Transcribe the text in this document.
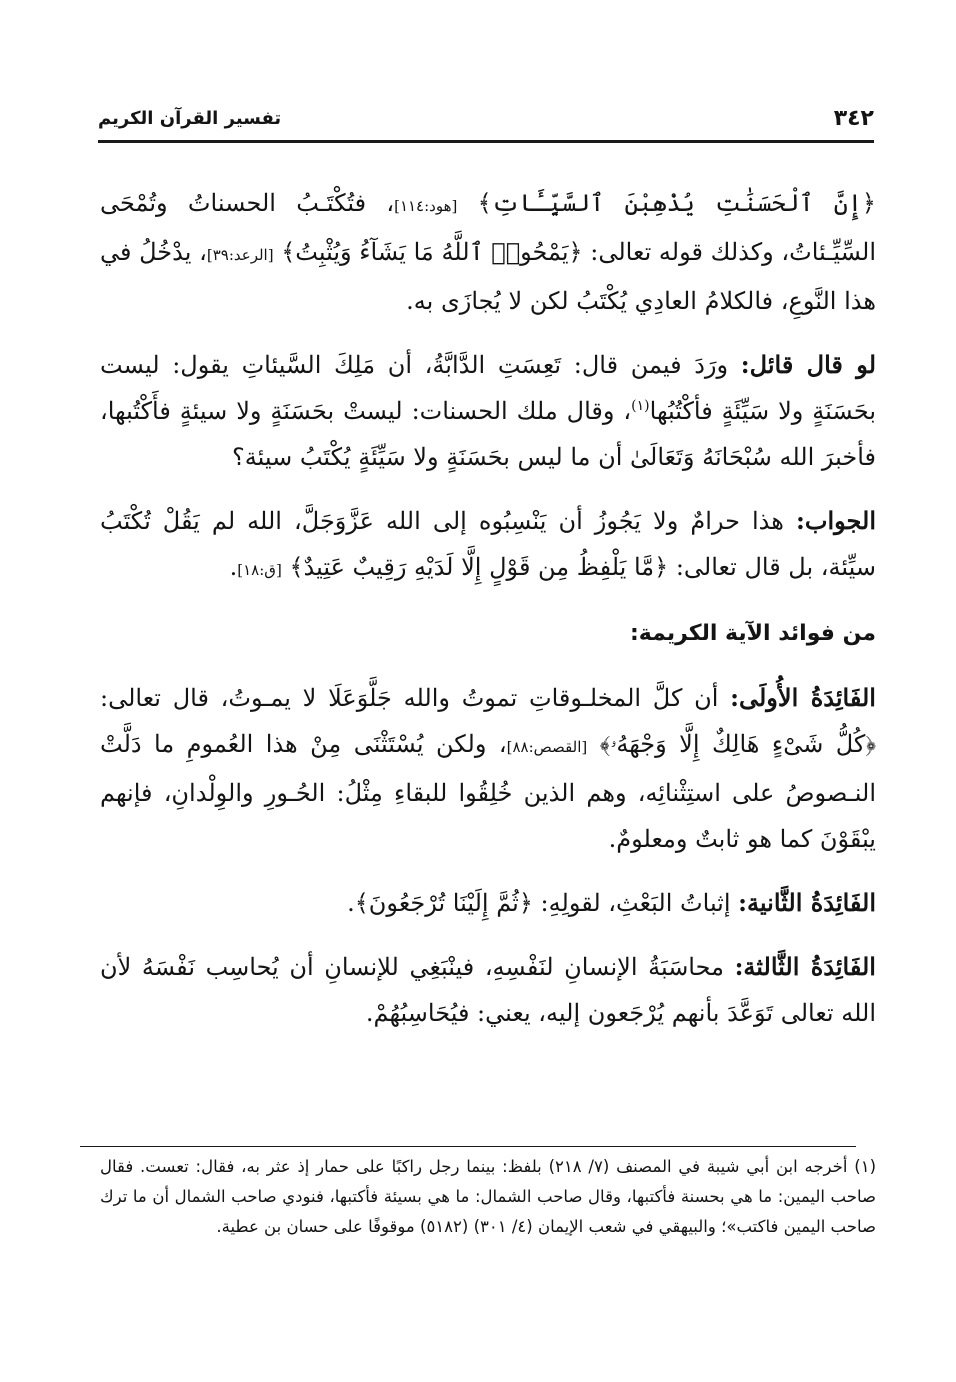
٣٤٢
تفسير القرآن الكريم

﴿إِنَّ ٱلْحَسَنَٰتِ يُذْهِبْنَ ٱلسَّيِّـَٔاتِ﴾ [هود:١١٤]، فتُكْتَـبُ الحسناتُ وتُمْحَى السِّيِّـئاتُ، وكذلك قوله تعالى: ﴿يَمْحُوا۟ ٱللَّهُ مَا يَشَآءُ وَيُثْبِتُ﴾ [الرعد:٣٩]، يدْخُلُ في هذا النَّوعِ، فالكلامُ العادِي يُكْتَبُ لكن لا يُجازَى به.

لو قال قائل: ورَدَ فيمن قال: تَعِسَتِ الدَّابَّةُ، أن مَلِكَ السَّيئاتِ يقول: ليست بحَسَنَةٍ ولا سَيِّئَةٍ فأكْتُبُها$^{(١)}$، وقال ملك الحسنات: ليستْ بحَسَنَةٍ ولا سيئةٍ فأَكْتُبها، فأخبرَ الله سُبْحَانَهُ وَتَعَالَىٰ أن ما ليس بحَسَنَةٍ ولا سَيِّئَةٍ يُكْتَبُ سيئة؟

الجواب: هذا حرامٌ ولا يَجُوزُ أن يَنْسِبُوه إلى الله عَزَّوَجَلَّ، الله لم يَقُلْ تُكْتَبُ سيِّئة، بل قال تعالى: ﴿مَّا يَلْفِظُ مِن قَوْلٍ إِلَّا لَدَيْهِ رَقِيبٌ عَتِيدٌ﴾ [ق:١٨].

من فوائد الآية الكريمة:

الفَائِدَةُ الأُولَى: أن كلَّ المخلـوقاتِ تموتُ والله جَلَّوَعَلَا لا يمـوتُ، قال تعالى: ﴿كُلُّ شَىْءٍ هَالِكٌ إِلَّا وَجْهَهُۥ﴾ [القصص:٨٨]، ولكن يُسْتَثْنَى مِنْ هذا العُمومِ ما دَلَّتْ النـصوصُ على استِثْنائِه، وهم الذين خُلِقُوا للبقاءِ مِثْلُ: الحُـورِ والوِلْدانِ، فإنهم يبْقَوْنَ كما هو ثابتٌ ومعلومٌ.

الفَائِدَةُ الثَّانية: إثباتُ البَعْثِ، لقولِهِ: ﴿ثُمَّ إِلَيْنَا تُرْجَعُونَ﴾.

الفَائِدَةُ الثَّالثة: محاسَبَةُ الإنسانِ لنَفْسِهِ، فينْبَغِي للإنسانِ أن يُحاسِب نَفْسَهُ لأن الله تعالى تَوَعَّدَ بأنهم يُرْجَعون إليه، يعني: فيُحَاسِبُهُمْ.

(١) أخرجه ابن أبي شيبة في المصنف (٧/ ٢١٨) بلفظ: بينما رجل راكبًا على حمار إذ عثر به، فقال: تعست. فقال صاحب اليمين: ما هي بحسنة فأكتبها، وقال صاحب الشمال: ما هي بسيئة فأكتبها، فنودي صاحب الشمال أن ما ترك صاحب اليمين فاكتب»؛ والبيهقي في شعب الإيمان (٤/ ٣٠١) (٥١٨٢) موقوفًا على حسان بن عطية.
